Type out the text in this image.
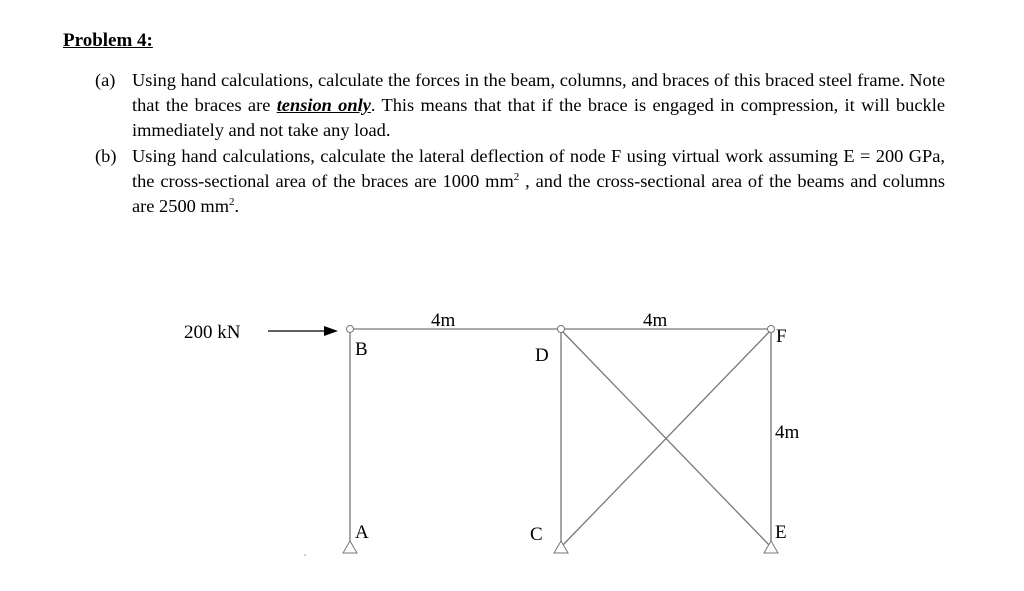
Problem 4:
(a) Using hand calculations, calculate the forces in the beam, columns, and braces of this braced steel frame. Note that the braces are tension only. This means that that if the brace is engaged in compression, it will buckle immediately and not take any load.
(b) Using hand calculations, calculate the lateral deflection of node F using virtual work assuming E = 200 GPa, the cross-sectional area of the braces are 1000 $mm^2$ , and the cross-sectional area of the beams and columns are 2500 $mm^2$.
200 kN
4m	4m
4m
B	D
F
A	C	E
